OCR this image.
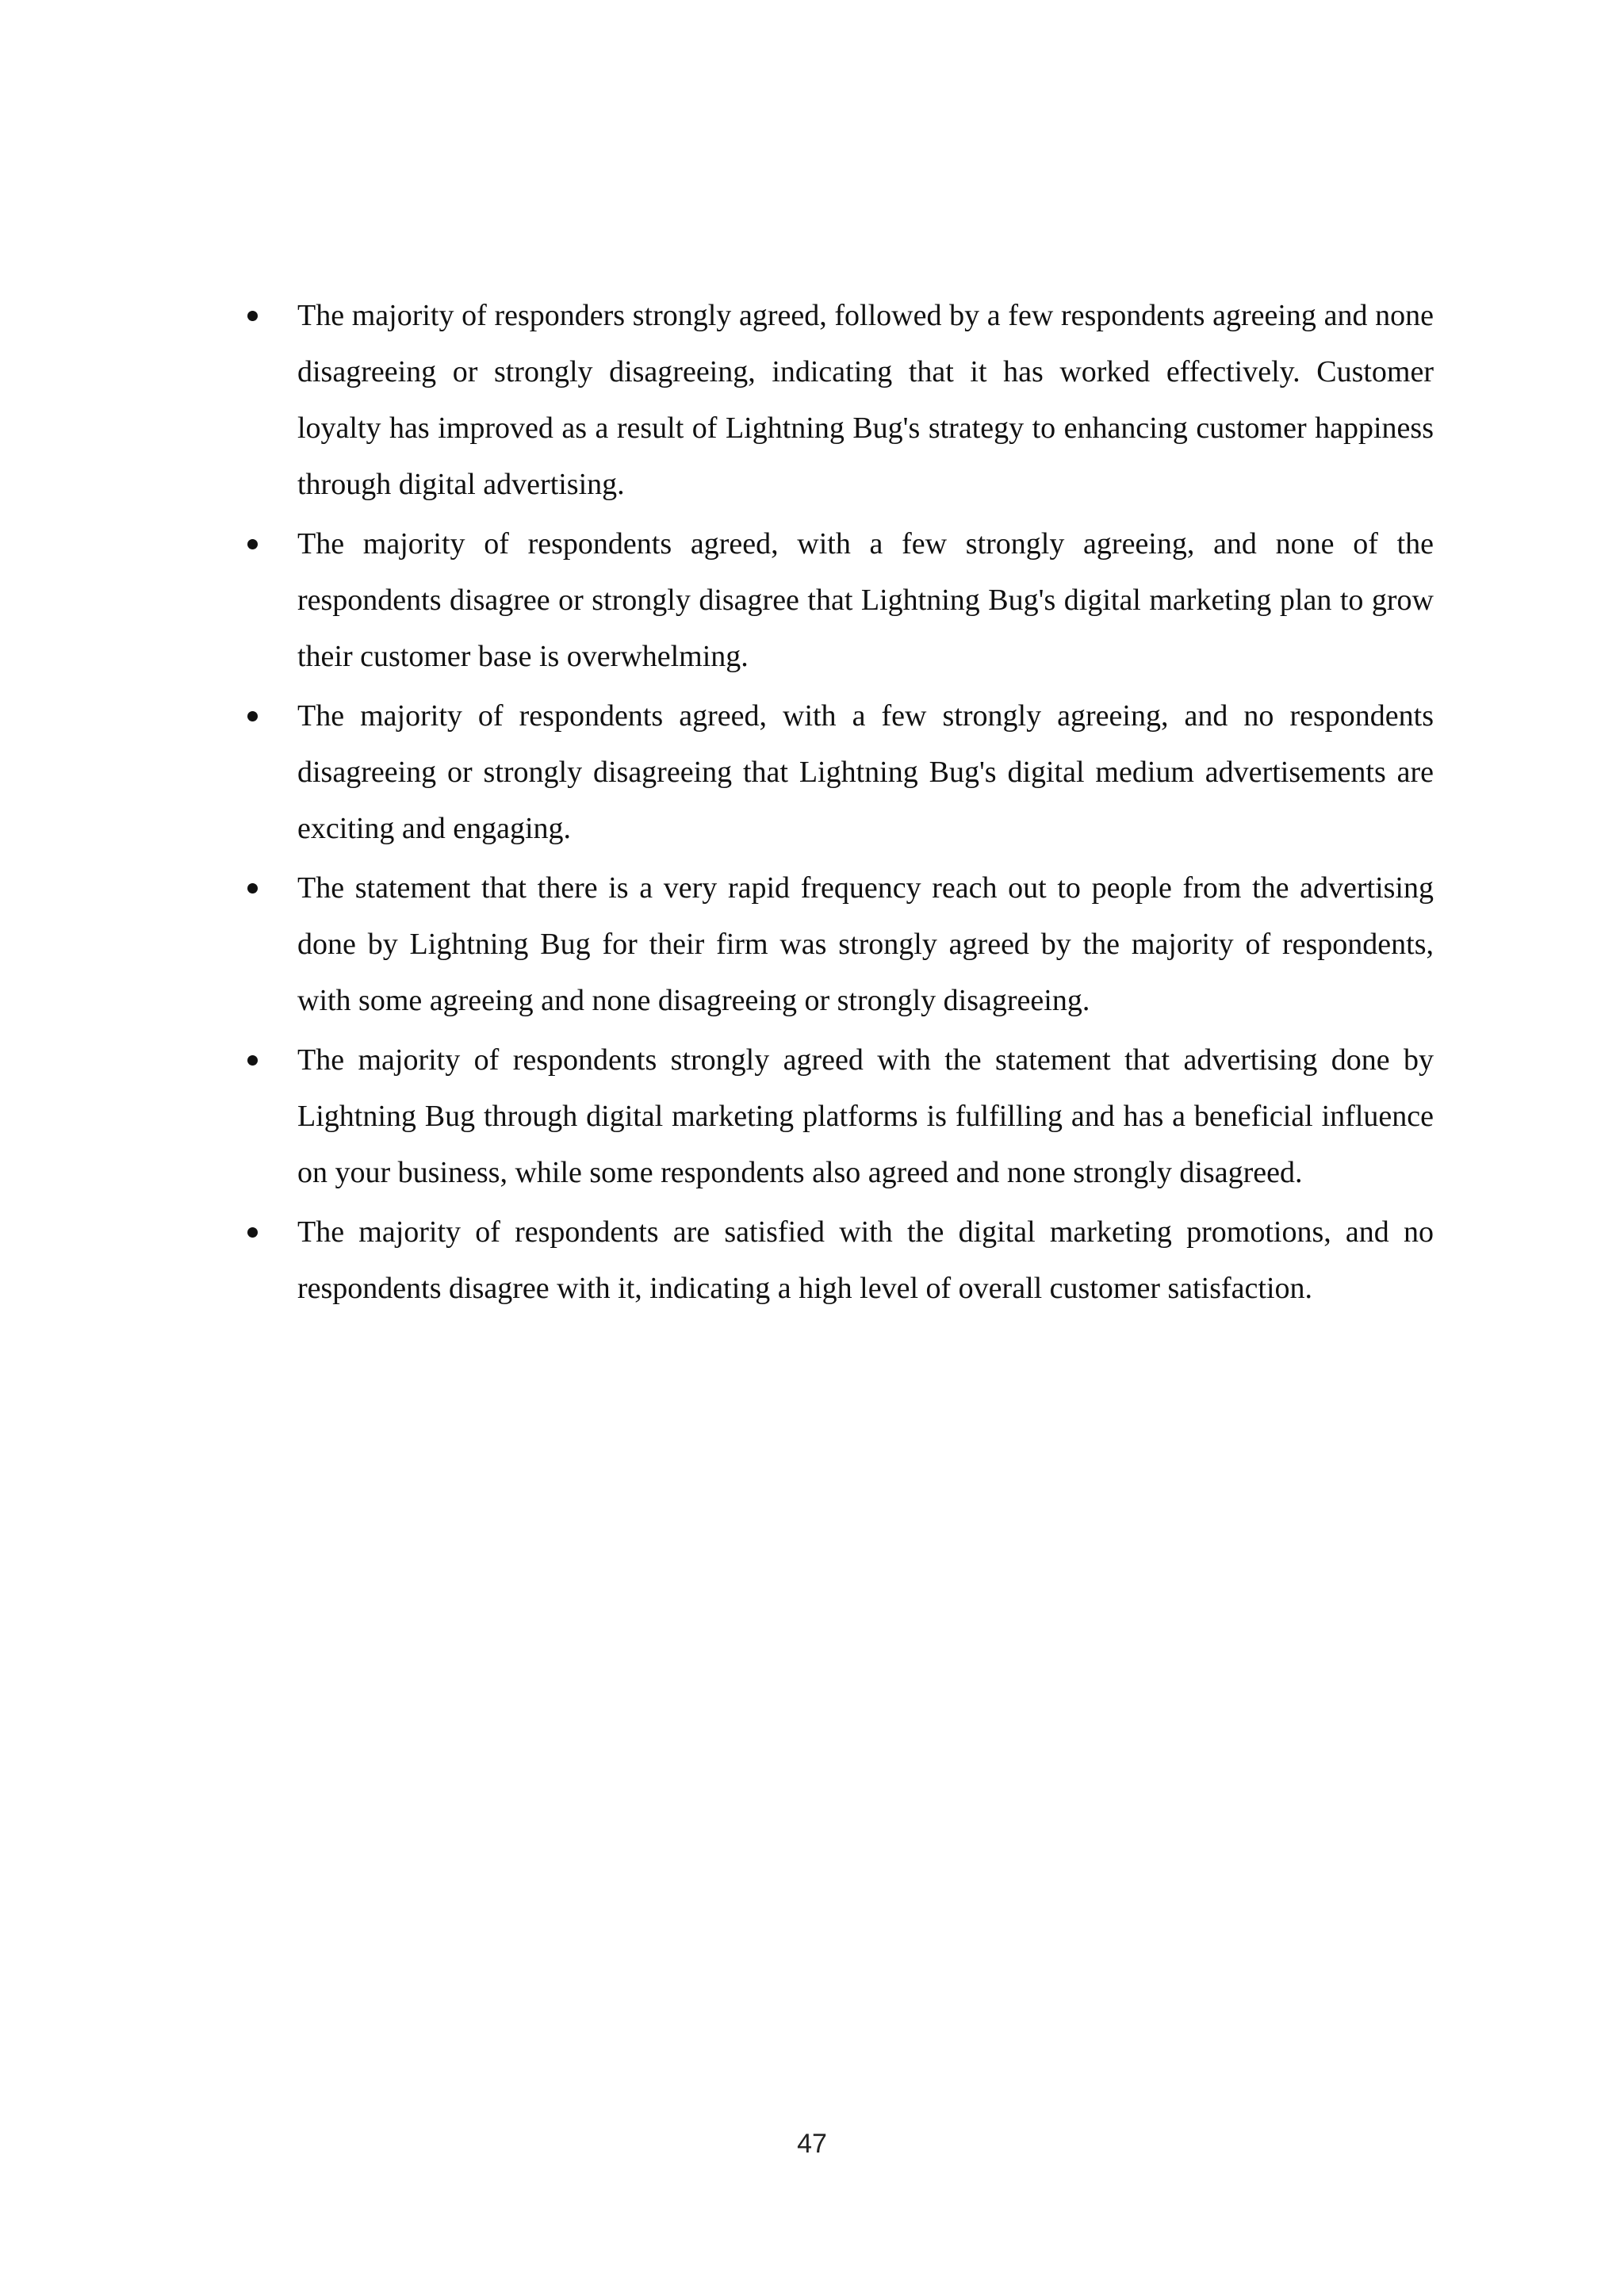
The majority of responders strongly agreed, followed by a few respondents agreeing and none disagreeing or strongly disagreeing, indicating that it has worked effectively. Customer loyalty has improved as a result of Lightning Bug's strategy to enhancing customer happiness through digital advertising.
The majority of respondents agreed, with a few strongly agreeing, and none of the respondents disagree or strongly disagree that Lightning Bug's digital marketing plan to grow their customer base is overwhelming.
The majority of respondents agreed, with a few strongly agreeing, and no respondents disagreeing or strongly disagreeing that Lightning Bug's digital medium advertisements are exciting and engaging.
The statement that there is a very rapid frequency reach out to people from the advertising done by Lightning Bug for their firm was strongly agreed by the majority of respondents, with some agreeing and none disagreeing or strongly disagreeing.
The majority of respondents strongly agreed with the statement that advertising done by Lightning Bug through digital marketing platforms is fulfilling and has a beneficial influence on your business, while some respondents also agreed and none strongly disagreed.
The majority of respondents are satisfied with the digital marketing promotions, and no respondents disagree with it, indicating a high level of overall customer satisfaction.
47
